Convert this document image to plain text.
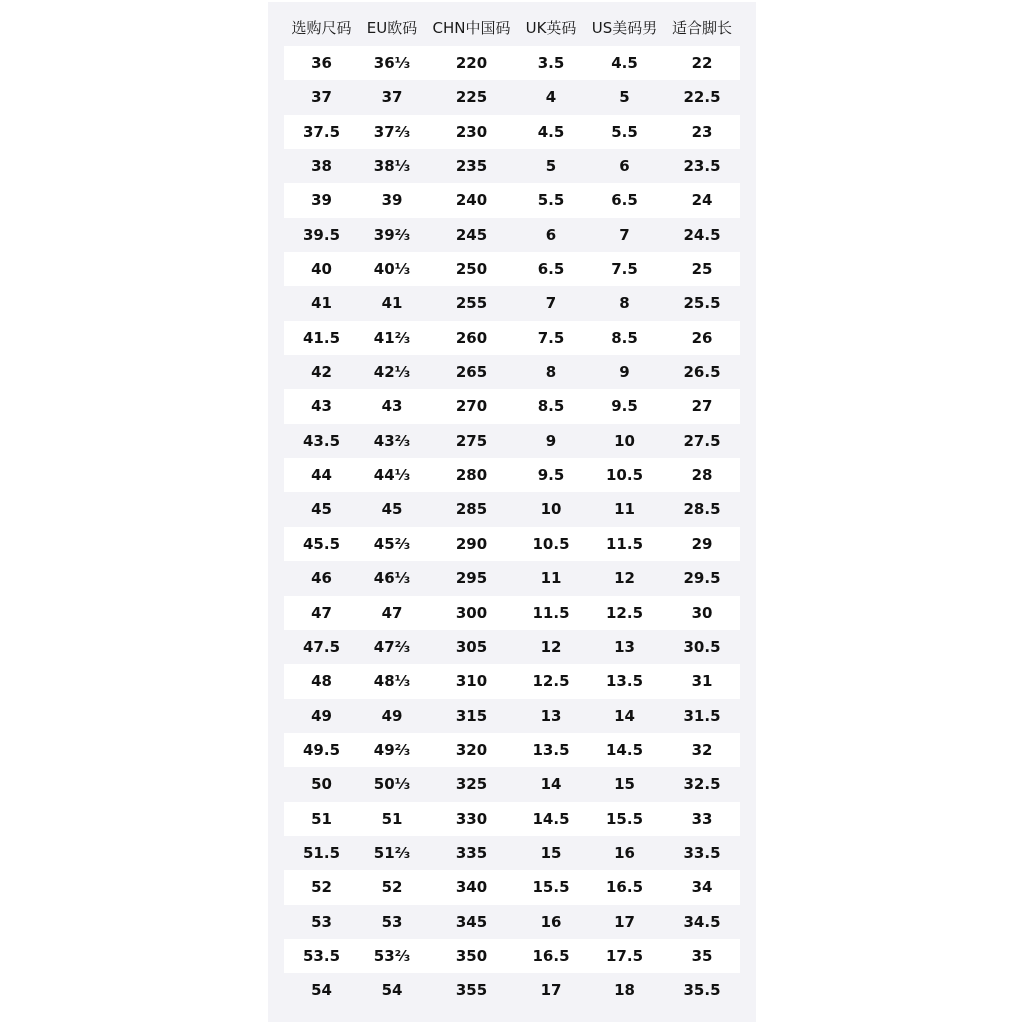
选购尺码 EU欧码 CHN中国码 UK英码 US美码男 适合脚长
36	36⅓	220	3.5	4.5	22
37	37	225	4	5	22.5
37.5 37⅔	230	4.5	5.5	23
38	38⅓	235	5	6	23.5
39	39	240	5.5	6.5	24
39.5 39⅔	245	6	7	24.5
40	40⅓	250	6.5	7.5	25
41	41	255	7	8	25.5
41.5 41⅔	260	7.5	8.5	26
42	42⅓	265	8	9	26.5
43	43	270	8.5	9.5	27
43.5 43⅔	275	9	10	27.5
44	44⅓	280	9.5	10.5	28
45	45	285	10	11	28.5
45.5 45⅔	290	10.5 11.5	29
46	46⅓	295	11	12	29.5
47	47	300	11.5 12.5	30
47.5 47⅔	305	12	13	30.5
48	48⅓	310	12.5 13.5	31
49	49	315	13	14	31.5
49.5 49⅔	320	13.5 14.5	32
50	50⅓	325	14	15	32.5
51	51	330	14.5 15.5	33
51.5 51⅔	335	15	16	33.5
52	52	340	15.5 16.5	34
53	53	345	16	17	34.5
53.5 53⅔	350	16.5 17.5	35
54	54	355	17	18	35.5
